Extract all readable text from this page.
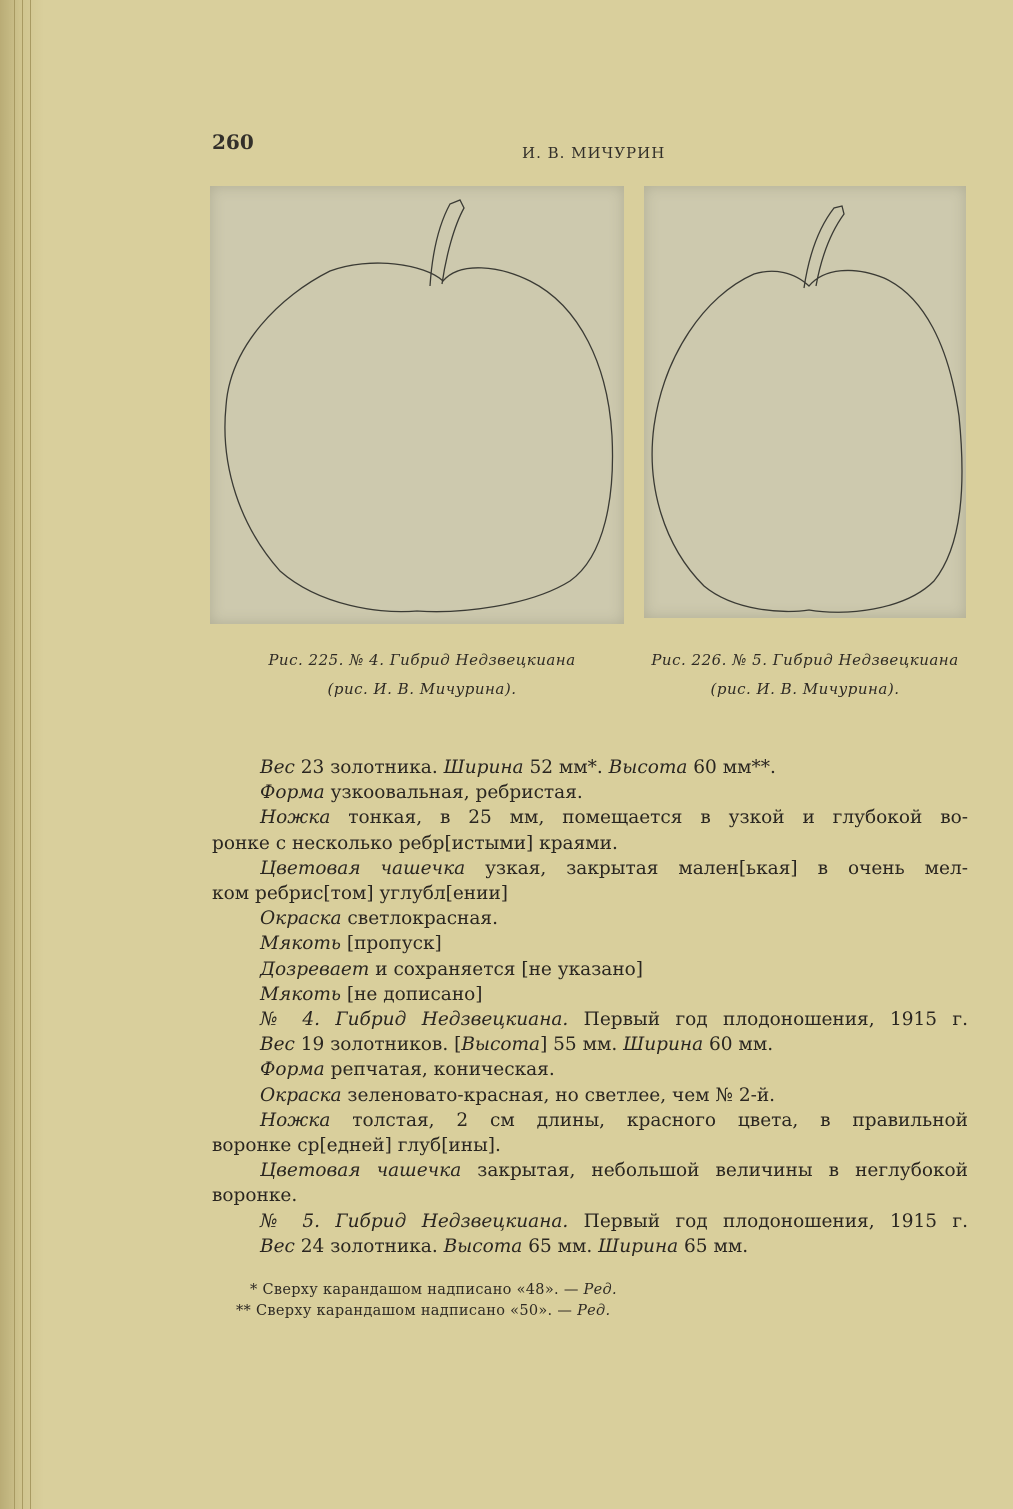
260	И. В. МИЧУРИН
Рис. 225. № 4. Гибрид Недзвецкиана
(рис. И. В. Мичурина).
Рис. 226. № 5. Гибрид Недзвецкиана
(рис. И. В. Мичурина).

Вес 23 золотника. Ширина 52 мм*. Высота 60 мм**.

Форма узкоовальная, ребристая.

Ножка тонкая, в 25 мм, помещается в узкой и глубокой во-
ронке с несколько ребр[истыми] краями.

Цветовая чашечка узкая, закрытая мален[ькая] в очень мел-
ком ребрис[том] углубл[ении]

Окраска светлокрасная.

Мякоть [пропуск]

Дозревает и сохраняется [не указано]

Мякоть [не дописано]

№ 4. Гибрид Недзвецкиана. Первый год плодоношения, 1915 г.

Вес 19 золотников. [Высота] 55 мм. Ширина 60 мм.

Форма репчатая, коническая.

Окраска зеленовато-красная, но светлее, чем № 2-й.

Ножка толстая, 2 см длины, красного цвета, в правильной
воронке ср[едней] глуб[ины].

Цветовая чашечка закрытая, небольшой величины в неглубокой
воронке.

№ 5. Гибрид Недзвецкиана. Первый год плодоношения, 1915 г.

Вес 24 золотника. Высота 65 мм. Ширина 65 мм.

* Сверху карандашом надписано «48». — Ред.
** Сверху карандашом надписано «50». — Ред.
